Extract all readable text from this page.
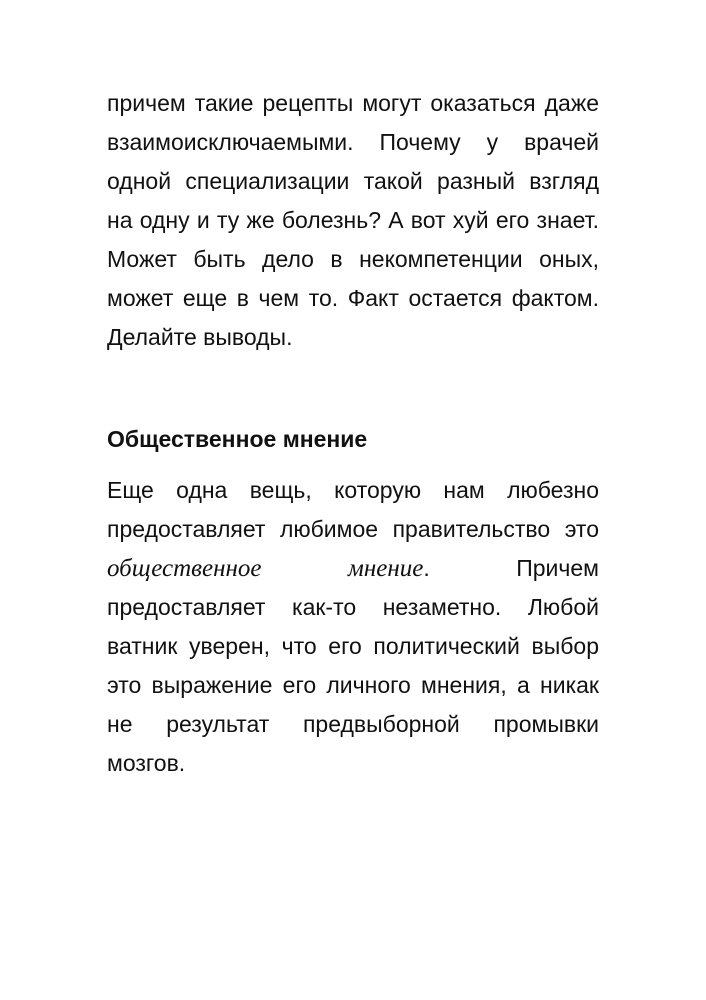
причем такие рецепты могут оказаться даже взаимоисключаемыми. Почему у врачей одной специализации такой разный взгляд на одну и ту же болезнь? А вот хуй его знает. Может быть дело в некомпетенции оных, может еще в чем то. Факт остается фактом. Делайте выводы.

Общественное мнение

Еще одна вещь, которую нам любезно предоставляет любимое правительство это общественное мнение. Причем предоставляет как-то незаметно. Любой ватник уверен, что его политический выбор это выражение его личного мнения, а никак не результат предвыборной промывки мозгов.
